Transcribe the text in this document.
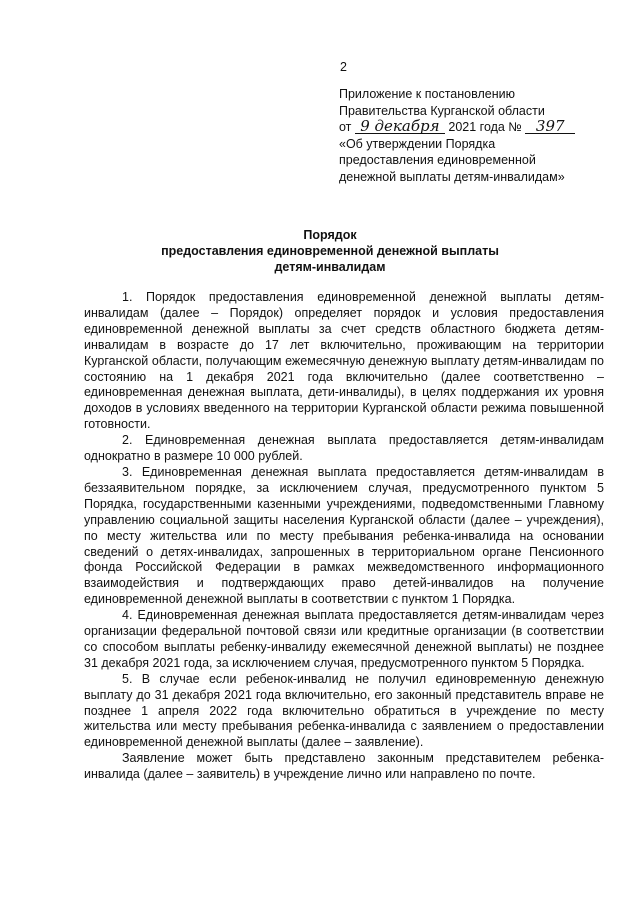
2
Приложение к постановлению
Правительства Курганской области
от 9 декабря 2021 года № 397
«Об утверждении Порядка
предоставления единовременной
денежной выплаты детям-инвалидам»
Порядок
предоставления единовременной денежной выплаты
детям-инвалидам

1. Порядок предоставления единовременной денежной выплаты детям-инвалидам (далее – Порядок) определяет порядок и условия предоставления единовременной денежной выплаты за счет средств областного бюджета детям-инвалидам в возрасте до 17 лет включительно, проживающим на территории Курганской области, получающим ежемесячную денежную выплату детям-инвалидам по состоянию на 1 декабря 2021 года включительно (далее соответственно – единовременная денежная выплата, дети-инвалиды), в целях поддержания их уровня доходов в условиях введенного на территории Курганской области режима повышенной готовности.

2. Единовременная денежная выплата предоставляется детям-инвалидам однократно в размере 10 000 рублей.

3. Единовременная денежная выплата предоставляется детям-инвалидам в беззаявительном порядке, за исключением случая, предусмотренного пунктом 5 Порядка, государственными казенными учреждениями, подведомственными Главному управлению социальной защиты населения Курганской области (далее – учреждения), по месту жительства или по месту пребывания ребенка-инвалида на основании сведений о детях-инвалидах, запрошенных в территориальном органе Пенсионного фонда Российской Федерации в рамках межведомственного информационного взаимодействия и подтверждающих право детей-инвалидов на получение единовременной денежной выплаты в соответствии с пунктом 1 Порядка.

4. Единовременная денежная выплата предоставляется детям-инвалидам через организации федеральной почтовой связи или кредитные организации (в соответствии со способом выплаты ребенку-инвалиду ежемесячной денежной выплаты) не позднее 31 декабря 2021 года, за исключением случая, предусмотренного пунктом 5 Порядка.

5. В случае если ребенок-инвалид не получил единовременную денежную выплату до 31 декабря 2021 года включительно, его законный представитель вправе не позднее 1 апреля 2022 года включительно обратиться в учреждение по месту жительства или месту пребывания ребенка-инвалида с заявлением о предоставлении единовременной денежной выплаты (далее – заявление).

Заявление может быть представлено законным представителем ребенка-инвалида (далее – заявитель) в учреждение лично или направлено по почте.
